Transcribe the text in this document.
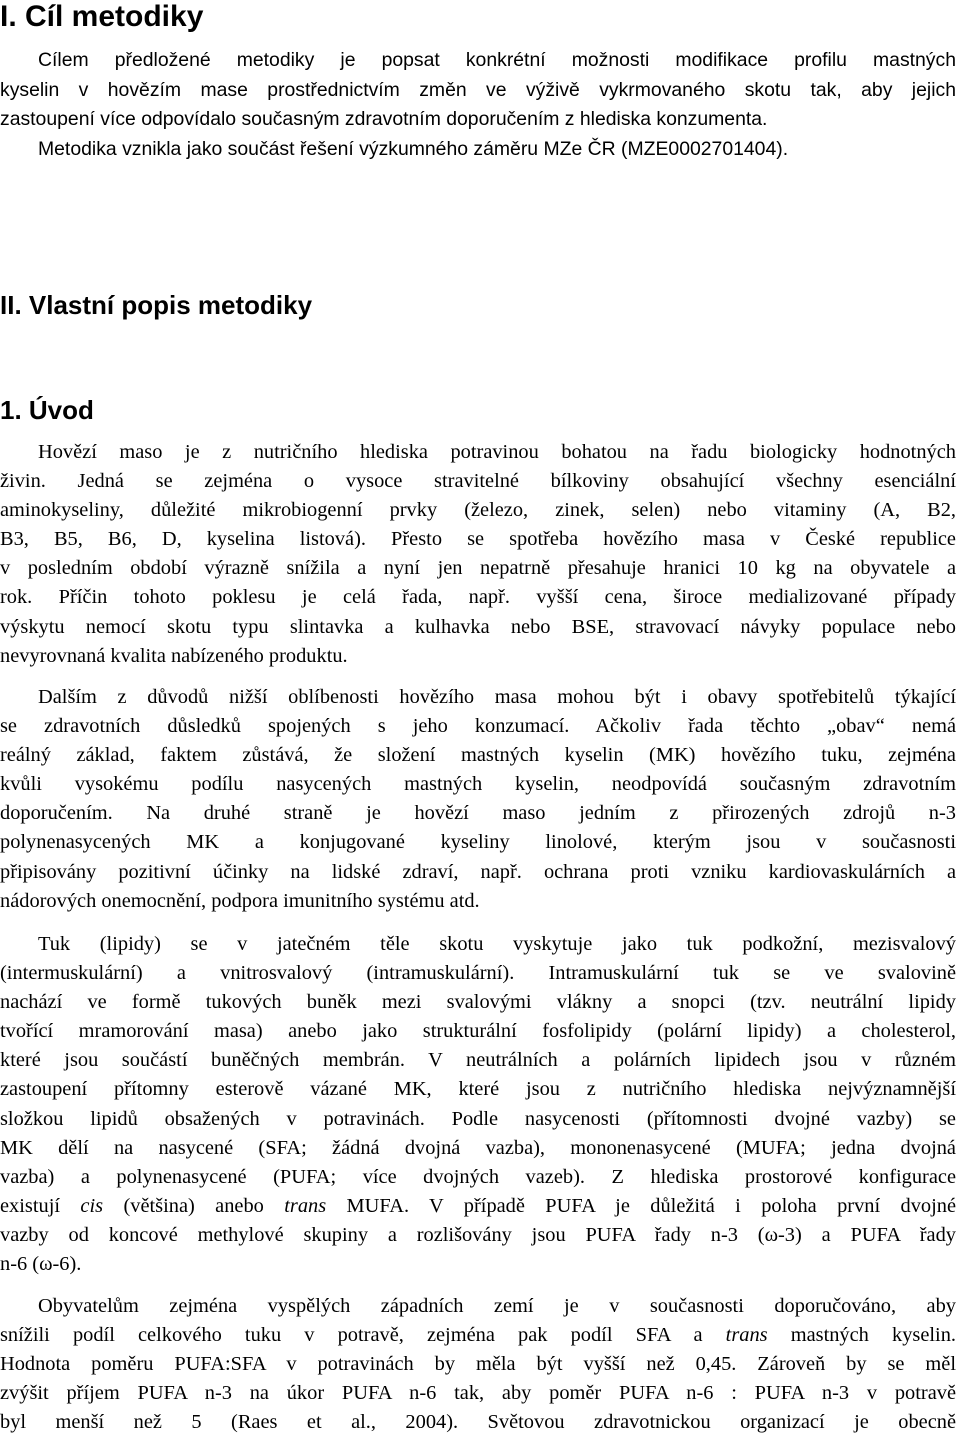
I. Cíl metodiky
Cílem předložené metodiky je popsat konkrétní možnosti modifikace profilu mastných
kyselin v hovězím mase prostřednictvím změn ve výživě vykrmovaného skotu tak, aby jejich
zastoupení více odpovídalo současným zdravotním doporučením z hlediska konzumenta.
Metodika vznikla jako součást řešení výzkumného záměru MZe ČR (MZE0002701404).
II. Vlastní popis metodiky
1. Úvod
Hovězí maso je z nutričního hlediska potravinou bohatou na řadu biologicky hodnotných
živin. Jedná se zejména o vysoce stravitelné bílkoviny obsahující všechny esenciální
aminokyseliny, důležité mikrobiogenní prvky (železo, zinek, selen) nebo vitaminy (A, B2,
B3, B5, B6, D, kyselina listová). Přesto se spotřeba hovězího masa v České republice
v posledním období výrazně snížila a nyní jen nepatrně přesahuje hranici 10 kg na obyvatele a
rok. Příčin tohoto poklesu je celá řada, např. vyšší cena, široce medializované případy
výskytu nemocí skotu typu slintavka a kulhavka nebo BSE, stravovací návyky populace nebo
nevyrovnaná kvalita nabízeného produktu.
Dalším z důvodů nižší oblíbenosti hovězího masa mohou být i obavy spotřebitelů týkající
se zdravotních důsledků spojených s jeho konzumací. Ačkoliv řada těchto „obav“ nemá
reálný základ, faktem zůstává, že složení mastných kyselin (MK) hovězího tuku, zejména
kvůli vysokému podílu nasycených mastných kyselin, neodpovídá současným zdravotním
doporučením. Na druhé straně je hovězí maso jedním z přirozených zdrojů n-3
polynenasycených MK a konjugované kyseliny linolové, kterým jsou v současnosti
připisovány pozitivní účinky na lidské zdraví, např. ochrana proti vzniku kardiovaskulárních a
nádorových onemocnění, podpora imunitního systému atd.
Tuk (lipidy) se v jatečném těle skotu vyskytuje jako tuk podkožní, mezisvalový
(intermuskulární) a vnitrosvalový (intramuskulární). Intramuskulární tuk se ve svalovině
nachází ve formě tukových buněk mezi svalovými vlákny a snopci (tzv. neutrální lipidy
tvořící mramorování masa) anebo jako strukturální fosfolipidy (polární lipidy) a cholesterol,
které jsou součástí buněčných membrán. V neutrálních a polárních lipidech jsou v různém
zastoupení přítomny esterově vázané MK, které jsou z nutričního hlediska nejvýznamnější
složkou lipidů obsažených v potravinách. Podle nasycenosti (přítomnosti dvojné vazby) se
MK dělí na nasycené (SFA; žádná dvojná vazba), mononenasycené (MUFA; jedna dvojná
vazba) a polynenasycené (PUFA; více dvojných vazeb). Z hlediska prostorové konfigurace
existují cis (většina) anebo trans MUFA. V případě PUFA je důležitá i poloha první dvojné
vazby od koncové methylové skupiny a rozlišovány jsou PUFA řady n-3 (ω-3) a PUFA řady
n-6 (ω-6).
Obyvatelům zejména vyspělých západních zemí je v současnosti doporučováno, aby
snížili podíl celkového tuku v potravě, zejména pak podíl SFA a trans mastných kyselin.
Hodnota poměru PUFA:SFA v potravinách by měla být vyšší než 0,45. Zároveň by se měl
zvýšit příjem PUFA n-3 na úkor PUFA n-6 tak, aby poměr PUFA n-6 : PUFA n-3 v potravě
byl menší než 5 (Raes et al., 2004). Světovou zdravotnickou organizací je obecně
